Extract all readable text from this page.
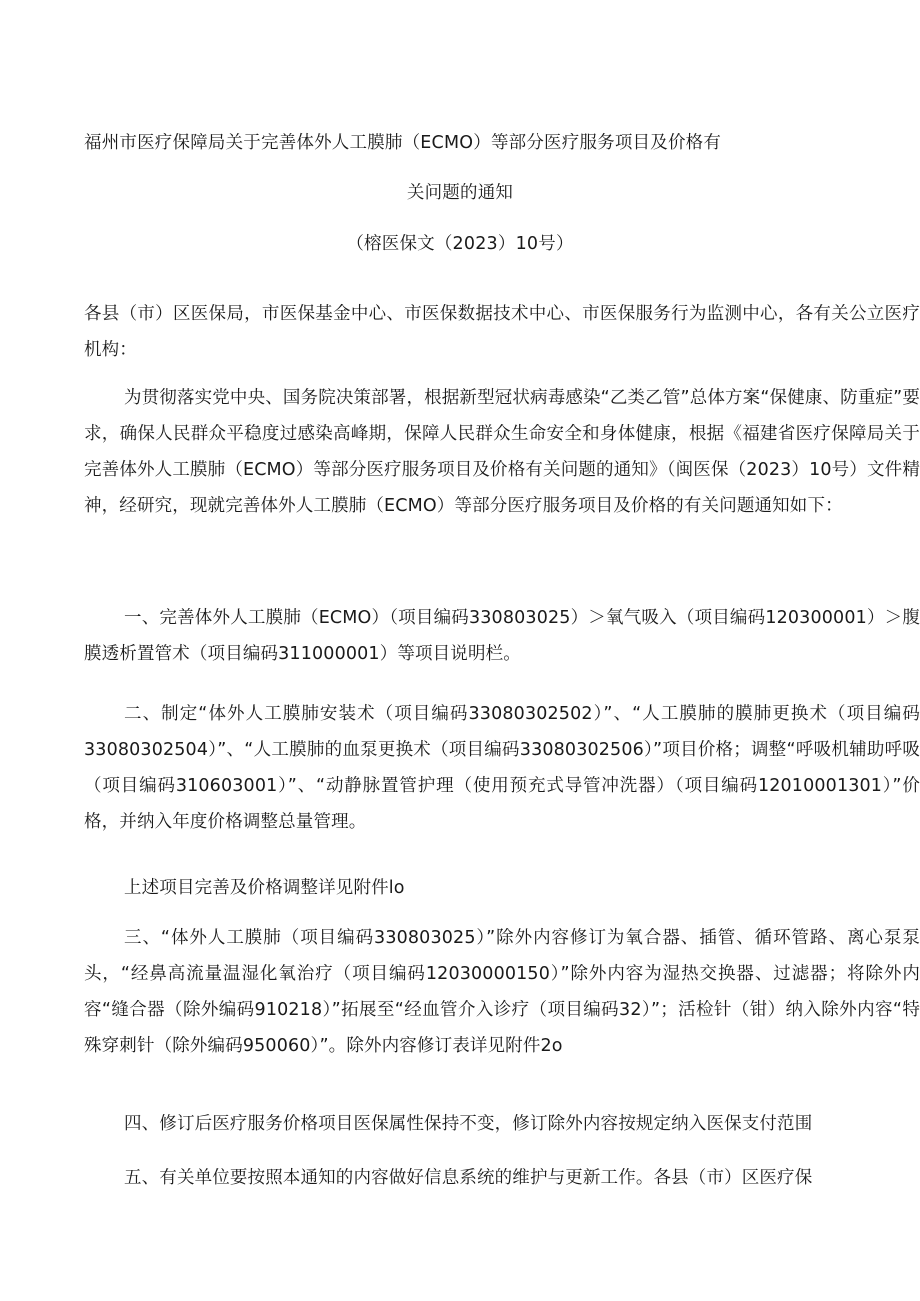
福州市医疗保障局关于完善体外人工膜肺（ECMO）等部分医疗服务项目及价格有
关问题的通知
（榕医保文（2023）10号）

各县（市）区医保局，市医保基金中心、市医保数据技术中心、市医保服务行为监测中心，各有关公立医疗机构：

为贯彻落实党中央、国务院决策部署，根据新型冠状病毒感染“乙类乙管”总体方案“保健康、防重症”要求，确保人民群众平稳度过感染高峰期，保障人民群众生命安全和身体健康，根据《福建省医疗保障局关于完善体外人工膜肺（ECMO）等部分医疗服务项目及价格有关问题的通知》（闽医保（2023）10号）文件精神，经研究，现就完善体外人工膜肺（ECMO）等部分医疗服务项目及价格的有关问题通知如下：

一、完善体外人工膜肺（ECMO）（项目编码330803025）＞氧气吸入（项目编码120300001）＞腹膜透析置管术（项目编码311000001）等项目说明栏。

二、制定“体外人工膜肺安装术（项目编码33080302502）”、“人工膜肺的膜肺更换术（项目编码33080302504）”、“人工膜肺的血泵更换术（项目编码33080302506）”项目价格；调整“呼吸机辅助呼吸（项目编码310603001）”、“动静脉置管护理（使用预充式导管冲洗器）（项目编码12010001301）”价格，并纳入年度价格调整总量管理。

上述项目完善及价格调整详见附件lo

三、“体外人工膜肺（项目编码330803025）”除外内容修订为氧合器、插管、循环管路、离心泵泵头，“经鼻高流量温湿化氧治疗（项目编码12030000150）”除外内容为湿热交换器、过滤器；将除外内容“缝合器（除外编码910218）”拓展至“经血管介入诊疗（项目编码32）”；活检针（钳）纳入除外内容“特殊穿刺针（除外编码950060）”。除外内容修订表详见附件2o

四、修订后医疗服务价格项目医保属性保持不变，修订除外内容按规定纳入医保支付范围

五、有关单位要按照本通知的内容做好信息系统的维护与更新工作。各县（市）区医疗保
